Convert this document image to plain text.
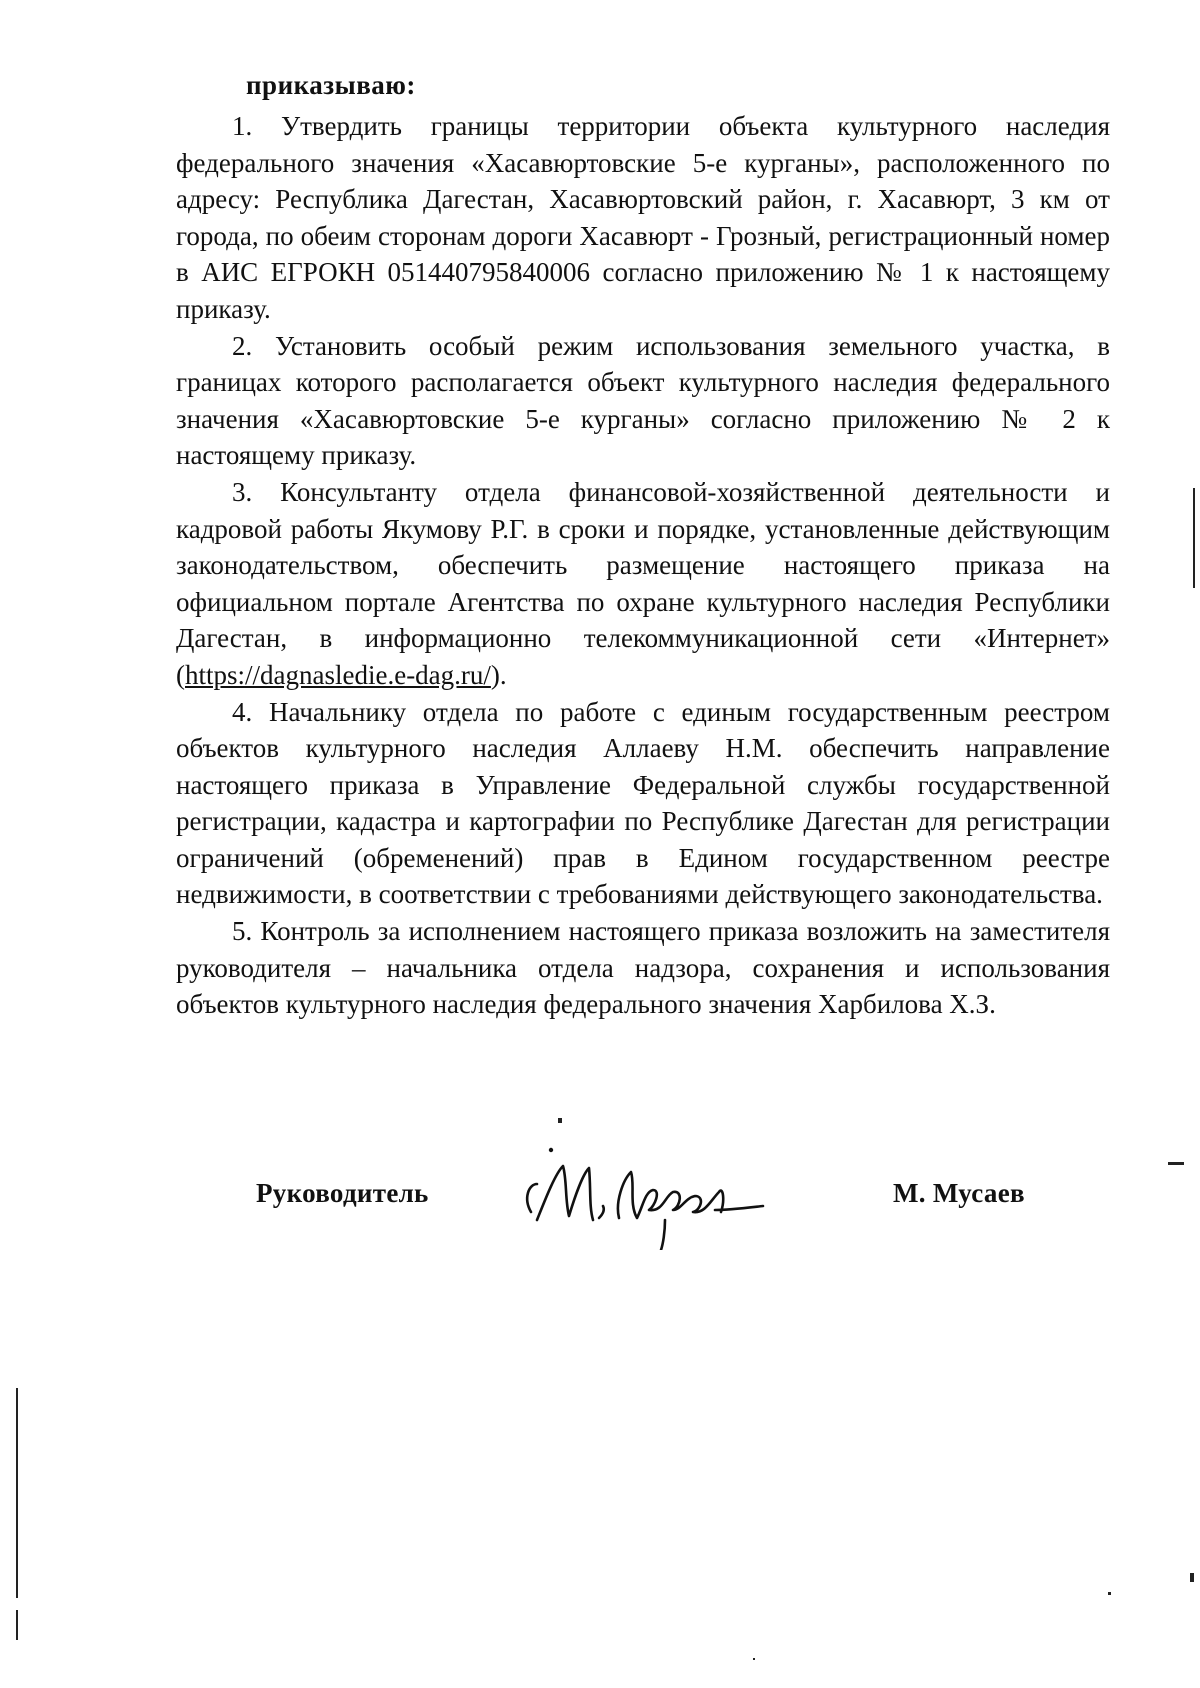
приказываю:

1. Утвердить границы территории объекта культурного наследия федерального значения «Хасавюртовские 5-е курганы», расположенного по адресу: Республика Дагестан, Хасавюртовский район, г. Хасавюрт, 3 км от города, по обеим сторонам дороги Хасавюрт - Грозный, регистрационный номер в АИС ЕГРОКН 051440795840006 согласно приложению № 1 к настоящему приказу.

2. Установить особый режим использования земельного участка, в границах которого располагается объект культурного наследия федерального значения «Хасавюртовские 5-е курганы» согласно приложению № 2 к настоящему приказу.

3. Консультанту отдела финансовой-хозяйственной деятельности и кадровой работы Якумову Р.Г. в сроки и порядке, установленные действующим законодательством, обеспечить размещение настоящего приказа на официальном портале Агентства по охране культурного наследия Республики Дагестан, в информационно телекоммуникационной сети «Интернет» (https://dagnasledie.e-dag.ru/).

4. Начальнику отдела по работе с единым государственным реестром объектов культурного наследия Аллаеву Н.М. обеспечить направление настоящего приказа в Управление Федеральной службы государственной регистрации, кадастра и картографии по Республике Дагестан для регистрации ограничений (обременений) прав в Едином государственном реестре недвижимости, в соответствии с требованиями действующего законодательства.

5. Контроль за исполнением настоящего приказа возложить на заместителя руководителя – начальника отдела надзора, сохранения и использования объектов культурного наследия федерального значения Харбилова Х.З.

Руководитель	М. Мусаев
